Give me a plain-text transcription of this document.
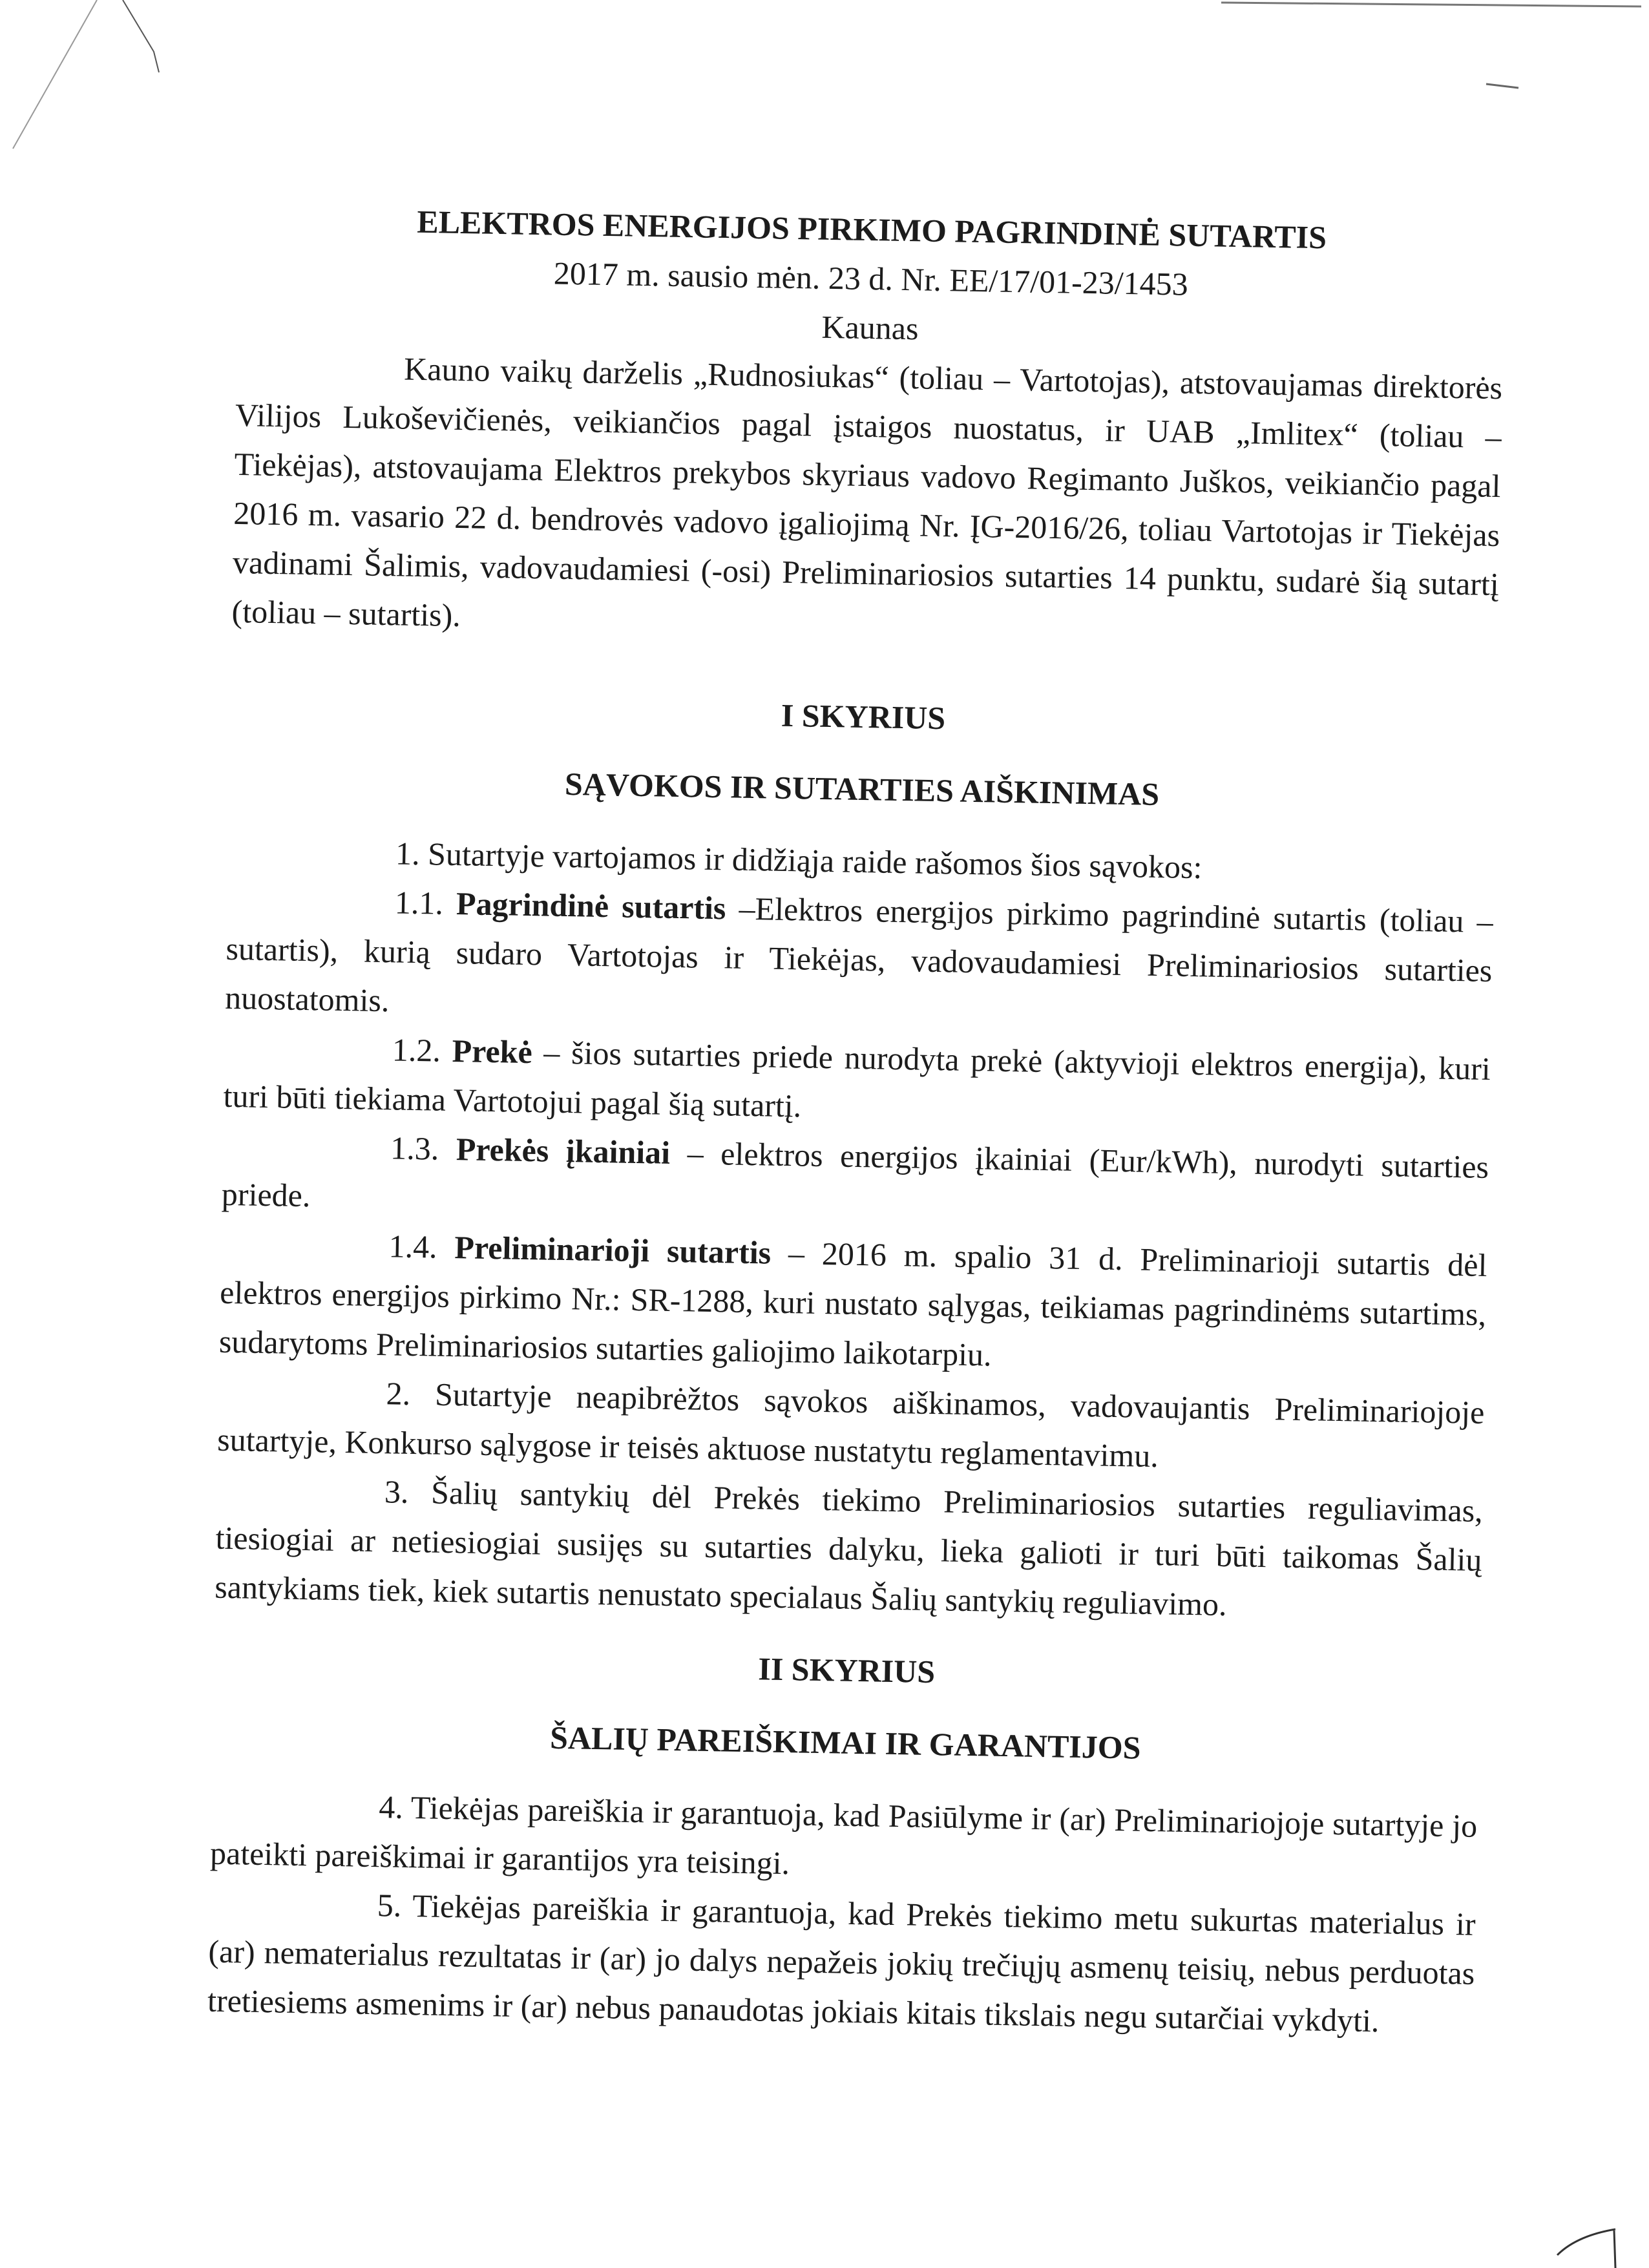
ELEKTROS ENERGIJOS PIRKIMO PAGRINDINĖ SUTARTIS

2017 m. sausio mėn. 23 d. Nr. EE/17/01-23/1453

Kaunas

Kauno vaikų darželis „Rudnosiukas“ (toliau – Vartotojas), atstovaujamas direktorės Vilijos Lukoševičienės, veikiančios pagal įstaigos nuostatus, ir UAB „Imlitex“ (toliau – Tiekėjas), atstovaujama Elektros prekybos skyriaus vadovo Regimanto Juškos, veikiančio pagal 2016 m. vasario 22 d. bendrovės vadovo įgaliojimą Nr. ĮG-2016/26, toliau Vartotojas ir Tiekėjas vadinami Šalimis, vadovaudamiesi (-osi) Preliminariosios sutarties 14 punktu, sudarė šią sutartį (toliau – sutartis).

I SKYRIUS

SĄVOKOS IR SUTARTIES AIŠKINIMAS

1. Sutartyje vartojamos ir didžiąja raide rašomos šios sąvokos:

1.1. Pagrindinė sutartis –Elektros energijos pirkimo pagrindinė sutartis (toliau – sutartis), kurią sudaro Vartotojas ir Tiekėjas, vadovaudamiesi Preliminariosios sutarties nuostatomis.

1.2. Prekė – šios sutarties priede nurodyta prekė (aktyvioji elektros energija), kuri turi būti tiekiama Vartotojui pagal šią sutartį.

1.3. Prekės įkainiai – elektros energijos įkainiai (Eur/kWh), nurodyti sutarties priede.

1.4. Preliminarioji sutartis – 2016 m. spalio 31 d. Preliminarioji sutartis dėl elektros energijos pirkimo Nr.: SR-1288, kuri nustato sąlygas, teikiamas pagrindinėms sutartims, sudarytoms Preliminariosios sutarties galiojimo laikotarpiu.

2. Sutartyje neapibrėžtos sąvokos aiškinamos, vadovaujantis Preliminariojoje sutartyje, Konkurso sąlygose ir teisės aktuose nustatytu reglamentavimu.

3. Šalių santykių dėl Prekės tiekimo Preliminariosios sutarties reguliavimas, tiesiogiai ar netiesiogiai susijęs su sutarties dalyku, lieka galioti ir turi būti taikomas Šalių santykiams tiek, kiek sutartis nenustato specialaus Šalių santykių reguliavimo.

II SKYRIUS

ŠALIŲ PAREIŠKIMAI IR GARANTIJOS

4. Tiekėjas pareiškia ir garantuoja, kad Pasiūlyme ir (ar) Preliminariojoje sutartyje jo pateikti pareiškimai ir garantijos yra teisingi.

5. Tiekėjas pareiškia ir garantuoja, kad Prekės tiekimo metu sukurtas materialus ir (ar) nematerialus rezultatas ir (ar) jo dalys nepažeis jokių trečiųjų asmenų teisių, nebus perduotas tretiesiems asmenims ir (ar) nebus panaudotas jokiais kitais tikslais negu sutarčiai vykdyti.
